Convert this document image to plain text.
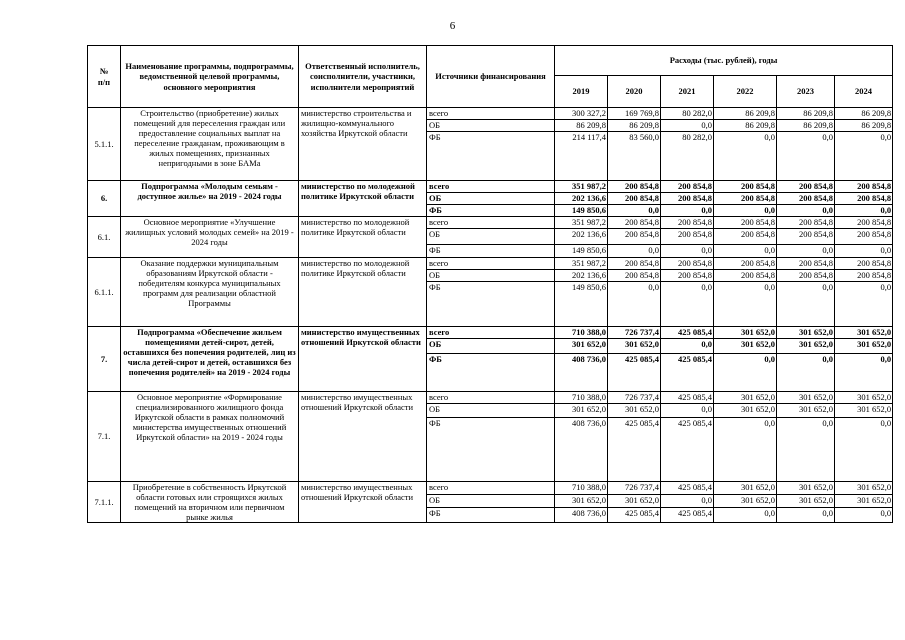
6
№
п/п	Наименование программы, подпрограммы, ведомственной целевой программы, основного мероприятия	Ответственный исполнитель, соисполнители, участники, исполнители мероприятий	Источники финансирования	Расходы (тыс. рублей), годы					
				2019	2020	2021	2022	2023	2024
5.1.1.	Строительство (приобретение) жилых помещений для переселения граждан или предоставление социальных выплат на переселение гражданам, проживающим в жилых помещениях, признанных непригодными в зоне БАМа	министерство строительства и жилищно-коммунального хозяйства Иркутской области	всего	300 327,2	169 769,8	80 282,0	86 209,8	86 209,8	86 209,8
			ОБ	86 209,8	86 209,8	0,0	86 209,8	86 209,8	86 209,8
			ФБ	214 117,4	83 560,0	80 282,0	0,0	0,0	0,0
6.	Подпрограмма «Молодым семьям - доступное жилье» на 2019 - 2024 годы	министерство по молодежной политике Иркутской области	всего	351 987,2	200 854,8	200 854,8	200 854,8	200 854,8	200 854,8
			ОБ	202 136,6	200 854,8	200 854,8	200 854,8	200 854,8	200 854,8
			ФБ	149 850,6	0,0	0,0	0,0	0,0	0,0
6.1.	Основное мероприятие «Улучшение жилищных условий молодых семей» на 2019 - 2024 годы	министерство по молодежной политике Иркутской области	всего	351 987,2	200 854,8	200 854,8	200 854,8	200 854,8	200 854,8
			ОБ	202 136,6	200 854,8	200 854,8	200 854,8	200 854,8	200 854,8
			ФБ	149 850,6	0,0	0,0	0,0	0,0	0,0
6.1.1.	Оказание поддержки муниципальным образованиям Иркутской области - победителям конкурса муниципальных программ для реализации областной Программы	министерство по молодежной политике Иркутской области	всего	351 987,2	200 854,8	200 854,8	200 854,8	200 854,8	200 854,8
			ОБ	202 136,6	200 854,8	200 854,8	200 854,8	200 854,8	200 854,8
			ФБ	149 850,6	0,0	0,0	0,0	0,0	0,0
7.	Подпрограмма «Обеспечение жильем помещениями детей-сирот, детей, оставшихся без попечения родителей, лиц из числа детей-сирот и детей, оставшихся без попечения родителей» на 2019 - 2024 годы	министерство имущественных отношений Иркутской области	всего	710 388,0	726 737,4	425 085,4	301 652,0	301 652,0	301 652,0
			ОБ	301 652,0	301 652,0	0,0	301 652,0	301 652,0	301 652,0
			ФБ	408 736,0	425 085,4	425 085,4	0,0	0,0	0,0
7.1.	Основное мероприятие «Формирование специализированного жилищного фонда Иркутской области в рамках полномочий министерства имущественных отношений Иркутской области» на 2019 - 2024 годы	министерство имущественных отношений Иркутской области	всего	710 388,0	726 737,4	425 085,4	301 652,0	301 652,0	301 652,0
			ОБ	301 652,0	301 652,0	0,0	301 652,0	301 652,0	301 652,0
			ФБ	408 736,0	425 085,4	425 085,4	0,0	0,0	0,0
7.1.1.	Приобретение в собственность Иркутской области готовых или строящихся жилых помещений на вторичном или первичном рынке жилья	министерство имущественных отношений Иркутской области	всего	710 388,0	726 737,4	425 085,4	301 652,0	301 652,0	301 652,0
			ОБ	301 652,0	301 652,0	0,0	301 652,0	301 652,0	301 652,0
			ФБ	408 736,0	425 085,4	425 085,4	0,0	0,0	0,0
